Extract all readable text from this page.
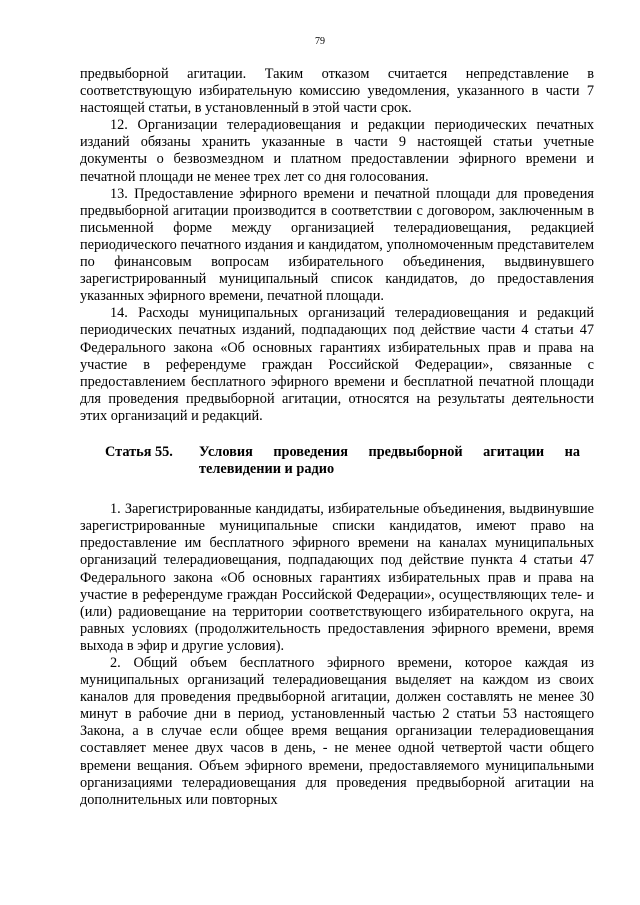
79

предвыборной агитации. Таким отказом считается непредставление в соответствующую избирательную комиссию уведомления, указанного в части 7 настоящей статьи, в установленный в этой части срок.

12. Организации телерадиовещания и редакции периодических печатных изданий обязаны хранить указанные в части 9 настоящей статьи учетные документы о безвозмездном и платном предоставлении эфирного времени и печатной площади не менее трех лет со дня голосования.

13. Предоставление эфирного времени и печатной площади для проведения предвыборной агитации производится в соответствии с договором, заключенным в письменной форме между организацией телерадиовещания, редакцией периодического печатного издания и кандидатом, уполномоченным представителем по финансовым вопросам избирательного объединения, выдвинувшего зарегистрированный муниципальный список кандидатов, до предоставления указанных эфирного времени, печатной площади.

14. Расходы муниципальных организаций телерадиовещания и редакций периодических печатных изданий, подпадающих под действие части 4 статьи 47 Федерального закона «Об основных гарантиях избирательных прав и права на участие в референдуме граждан Российской Федерации», связанные с предоставлением бесплатного эфирного времени и бесплатной печатной площади для проведения предвыборной агитации, относятся на результаты деятельности этих организаций и редакций.

Статья 55.	Условия проведения предвыборной агитации на телевидении и радио

1. Зарегистрированные кандидаты, избирательные объединения, выдвинувшие зарегистрированные муниципальные списки кандидатов, имеют право на предоставление им бесплатного эфирного времени на каналах муниципальных организаций телерадиовещания, подпадающих под действие пункта 4 статьи 47 Федерального закона «Об основных гарантиях избирательных прав и права на участие в референдуме граждан Российской Федерации», осуществляющих теле- и (или) радиовещание на территории соответствующего избирательного округа, на равных условиях (продолжительность предоставления эфирного времени, время выхода в эфир и другие условия).

2. Общий объем бесплатного эфирного времени, которое каждая из муниципальных организаций телерадиовещания выделяет на каждом из своих каналов для проведения предвыборной агитации, должен составлять не менее 30 минут в рабочие дни в период, установленный частью 2 статьи 53 настоящего Закона, а в случае если общее время вещания организации телерадиовещания составляет менее двух часов в день, - не менее одной четвертой части общего времени вещания. Объем эфирного времени, предоставляемого муниципальными организациями телерадиовещания для проведения предвыборной агитации на дополнительных или повторных
